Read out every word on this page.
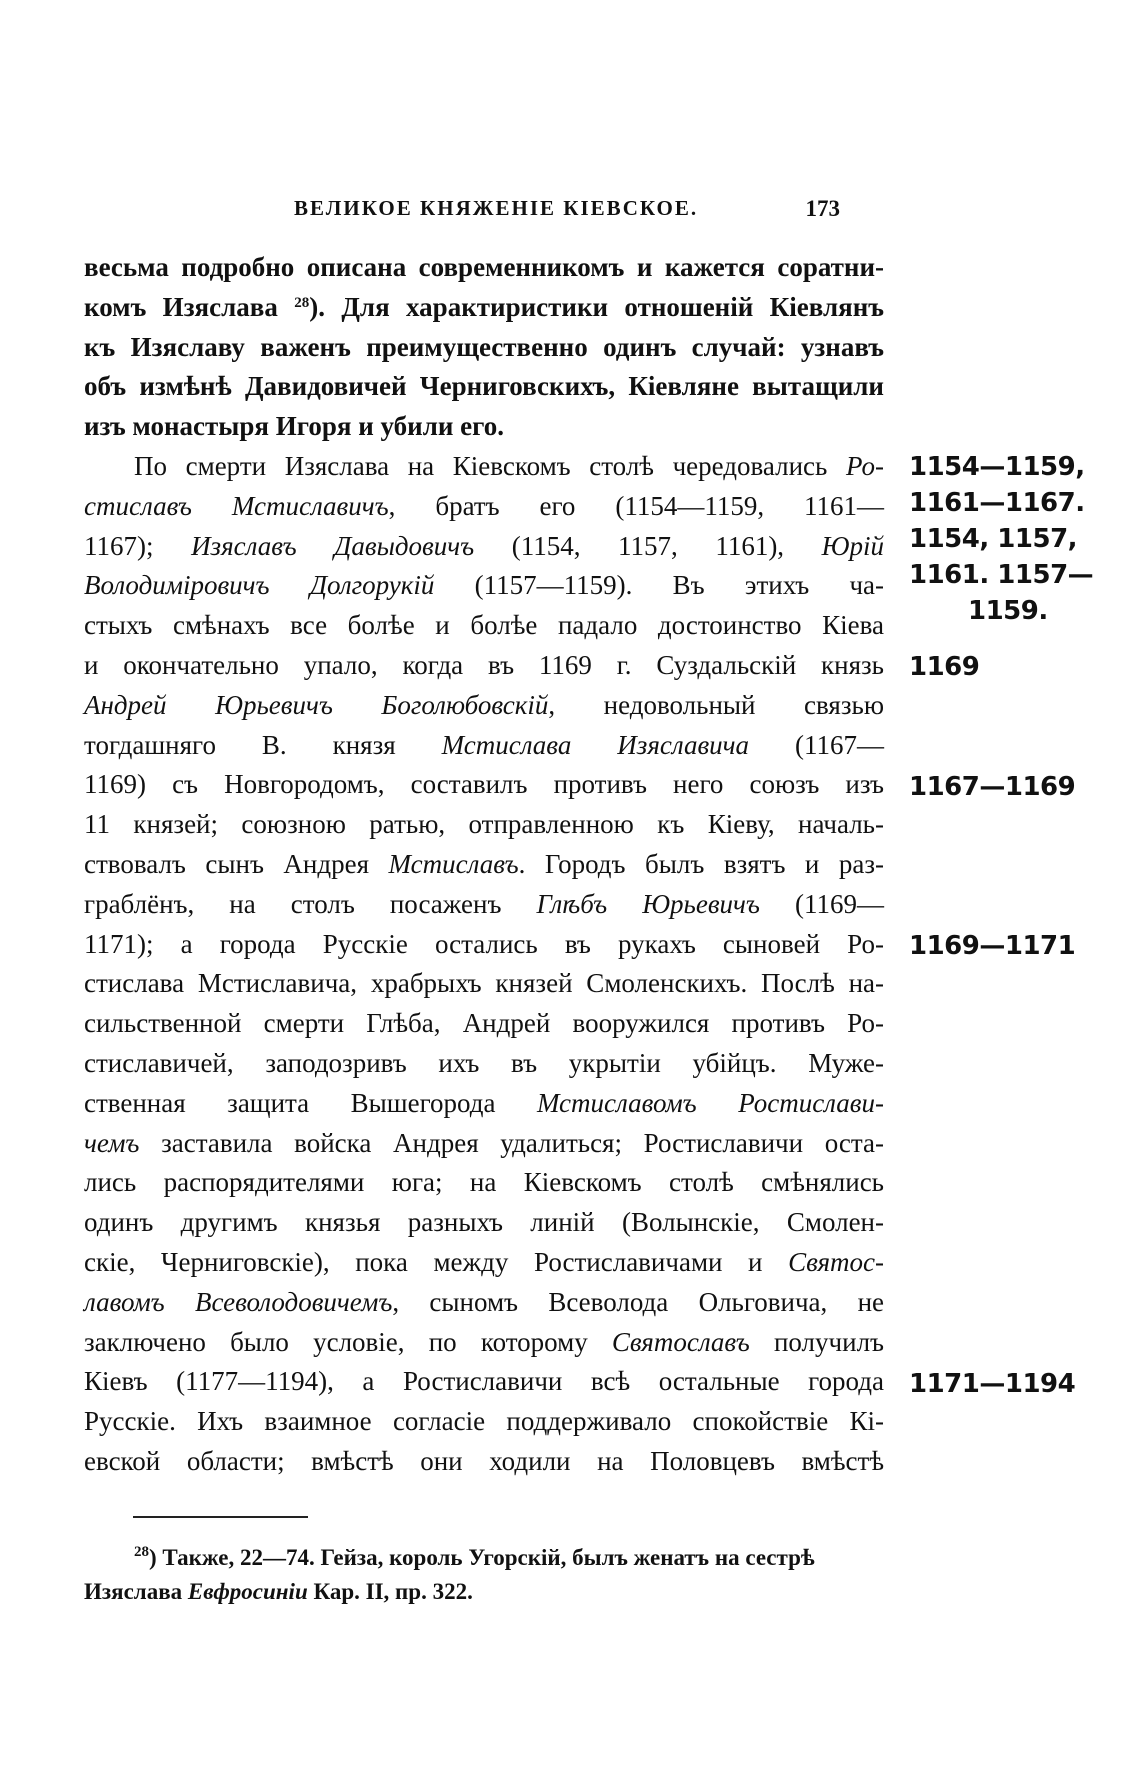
ВЕЛИКОЕ КНЯЖЕНІЕ КІЕВСКОЕ.	173
весьма подробно описана современникомъ и кажется соратни-
комъ Изяслава $^{28}$). Для характиристики отношеній Кіевлянъ
къ Изяславу важенъ преимущественно одинъ случай: узнавъ
объ измѣнѣ Давидовичей Черниговскихъ, Кіевляне вытащили
изъ монастыря Игоря и убили его.
По смерти Изяслава на Кіевскомъ столѣ чередовались Ро-
стиславъ Мстиславичъ, братъ его (1154—1159, 1161—
1167); Изяславъ Давыдовичъ (1154, 1157, 1161), Юрій
Володиміровичъ Долгорукій (1157—1159). Въ этихъ ча-
стыхъ смѣнахъ все болѣе и болѣе падало достоинство Кіева
и окончательно упало, когда въ 1169 г. Суздальскій князь
Андрей Юрьевичъ Боголюбовскій, недовольный связью
тогдашняго В. князя Мстислава Изяславича (1167—
1169) съ Новгородомъ, составилъ противъ него союзъ изъ
11 князей; союзною ратью, отправленною къ Кіеву, началь-
ствовалъ сынъ Андрея Мстиславъ. Городъ былъ взятъ и раз-
граблёнъ, на столъ посаженъ Глѣбъ Юрьевичъ (1169—
1171); а города Русскіе остались въ рукахъ сыновей Ро-
стислава Мстиславича, храбрыхъ князей Смоленскихъ. Послѣ на-
сильственной смерти Глѣба, Андрей вооружился противъ Ро-
стиславичей, заподозривъ ихъ въ укрытіи убійцъ. Муже-
ственная защита Вышегорода Мстиславомъ Ростислави-
чемъ заставила войска Андрея удалиться; Ростиславичи оста-
лись распорядителями юга; на Кіевскомъ столѣ смѣнялись
одинъ другимъ князья разныхъ линій (Волынскіе, Смолен-
скіе, Черниговскіе), пока между Ростиславичами и Святос-
лавомъ Всеволодовичемъ, сыномъ Всеволода Ольговича, не
заключено было условіе, по которому Святославъ получилъ
Кіевъ (1177—1194), а Ростиславичи всѣ остальные города
Русскіе. Ихъ взаимное согласіе поддерживало спокойствіе Кі-
евской области; вмѣстѣ они ходили на Половцевъ вмѣстѣ
1154—1159,
1161—1167.
1154, 1157,
1161. 1157—
1159.
1169
1167—1169
1169—1171
1171—1194
$^{28}$) Также, 22—74. Гейза, король Угорскій, былъ женатъ на сестрѣ
Изяслава Евфросиніи Кар. II, пр. 322.
